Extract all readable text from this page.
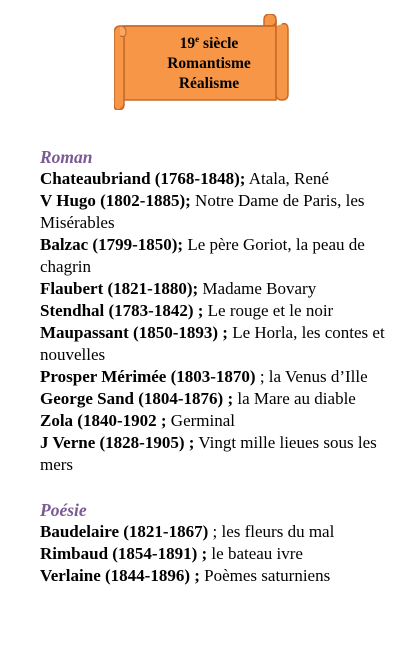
19e siècle
Romantisme
Réalisme

Roman

Chateaubriand (1768-1848); Atala, René

V Hugo (1802-1885); Notre Dame de Paris, les Misérables

Balzac (1799-1850); Le père Goriot, la peau de chagrin

Flaubert (1821-1880); Madame Bovary

Stendhal (1783-1842) ; Le rouge et le noir

Maupassant (1850-1893) ; Le Horla, les contes et nouvelles

Prosper Mérimée (1803-1870) ; la Venus d’Ille

George Sand (1804-1876) ; la Mare au diable

Zola (1840-1902 ; Germinal

J Verne (1828-1905) ; Vingt mille lieues sous les mers

Poésie

Baudelaire (1821-1867) ; les fleurs du mal

Rimbaud (1854-1891) ; le bateau ivre

Verlaine (1844-1896) ; Poèmes saturniens
